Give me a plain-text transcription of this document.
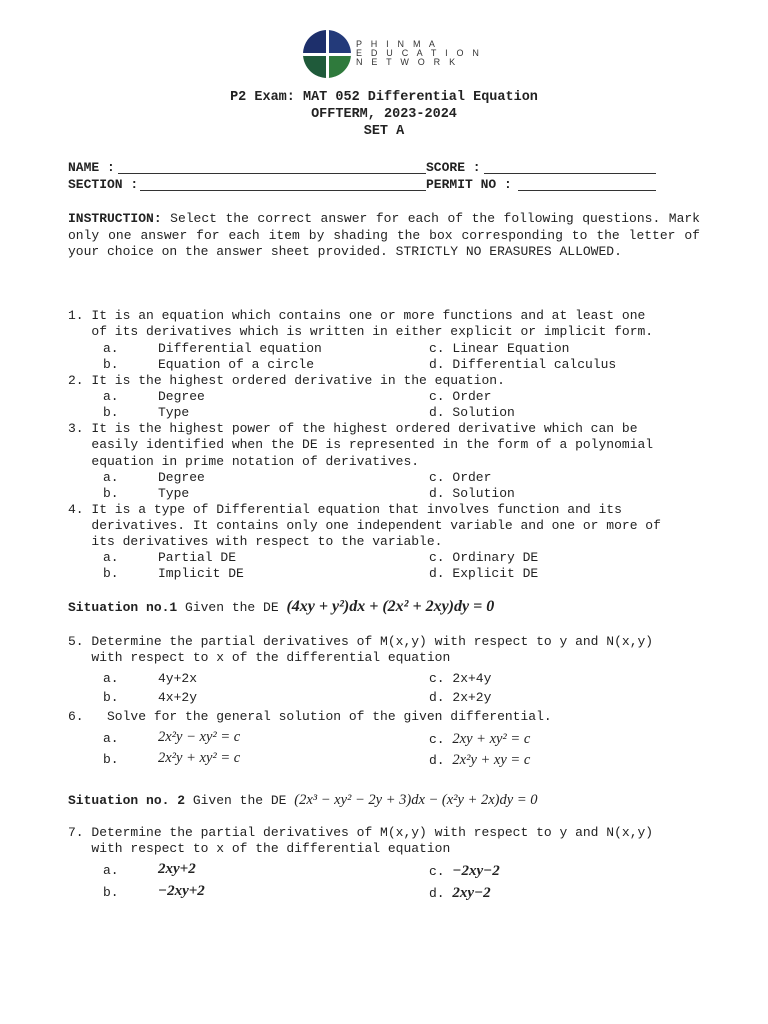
P H I N M A
E D U C A T I O N
N E T W O R K
P2 Exam: MAT 052 Differential Equation
OFFTERM, 2023-2024
SET A
NAME :	SCORE :
SECTION :	PERMIT NO :
INSTRUCTION: Select the correct answer for each of the following questions. Mark only one answer for each item by shading the box corresponding to the letter of your choice on the answer sheet provided. STRICTLY NO ERASURES ALLOWED.
1. It is an equation which contains one or more functions and at least one
of its derivatives which is written in either explicit or implicit form.
a.	Differential equation	c. Linear Equation
b.	Equation of a circle	d. Differential calculus
2. It is the highest ordered derivative in the equation.
a.	Degree	c. Order
b.	Type	d. Solution
3. It is the highest power of the highest ordered derivative which can be
easily identified when the DE is represented in the form of a polynomial
equation in prime notation of derivatives.
a.	Degree	c. Order
b.	Type	d. Solution
4. It is a type of Differential equation that involves function and its
derivatives. It contains only one independent variable and one or more of
its derivatives with respect to the variable.
a.	Partial DE	c. Ordinary DE
b.	Implicit DE	d. Explicit DE
Situation no.1 Given the DE (4xy + y²)dx + (2x² + 2xy)dy = 0
5. Determine the partial derivatives of M(x,y) with respect to y and N(x,y)
with respect to x of the differential equation
a.	4y+2x	c. 2x+4y
b.	4x+2y	d. 2x+2y
6.   Solve for the general solution of the given differential.
a.	2x²y − xy² = c	c. 2xy + xy² = c
b.	2x²y + xy² = c	d. 2x²y + xy = c
Situation no. 2 Given the DE (2x³ − xy² − 2y + 3)dx − (x²y + 2x)dy = 0
7. Determine the partial derivatives of M(x,y) with respect to y and N(x,y)
with respect to x of the differential equation
a.	2xy+2	c. −2xy−2
b.	−2xy+2	d. 2xy−2
